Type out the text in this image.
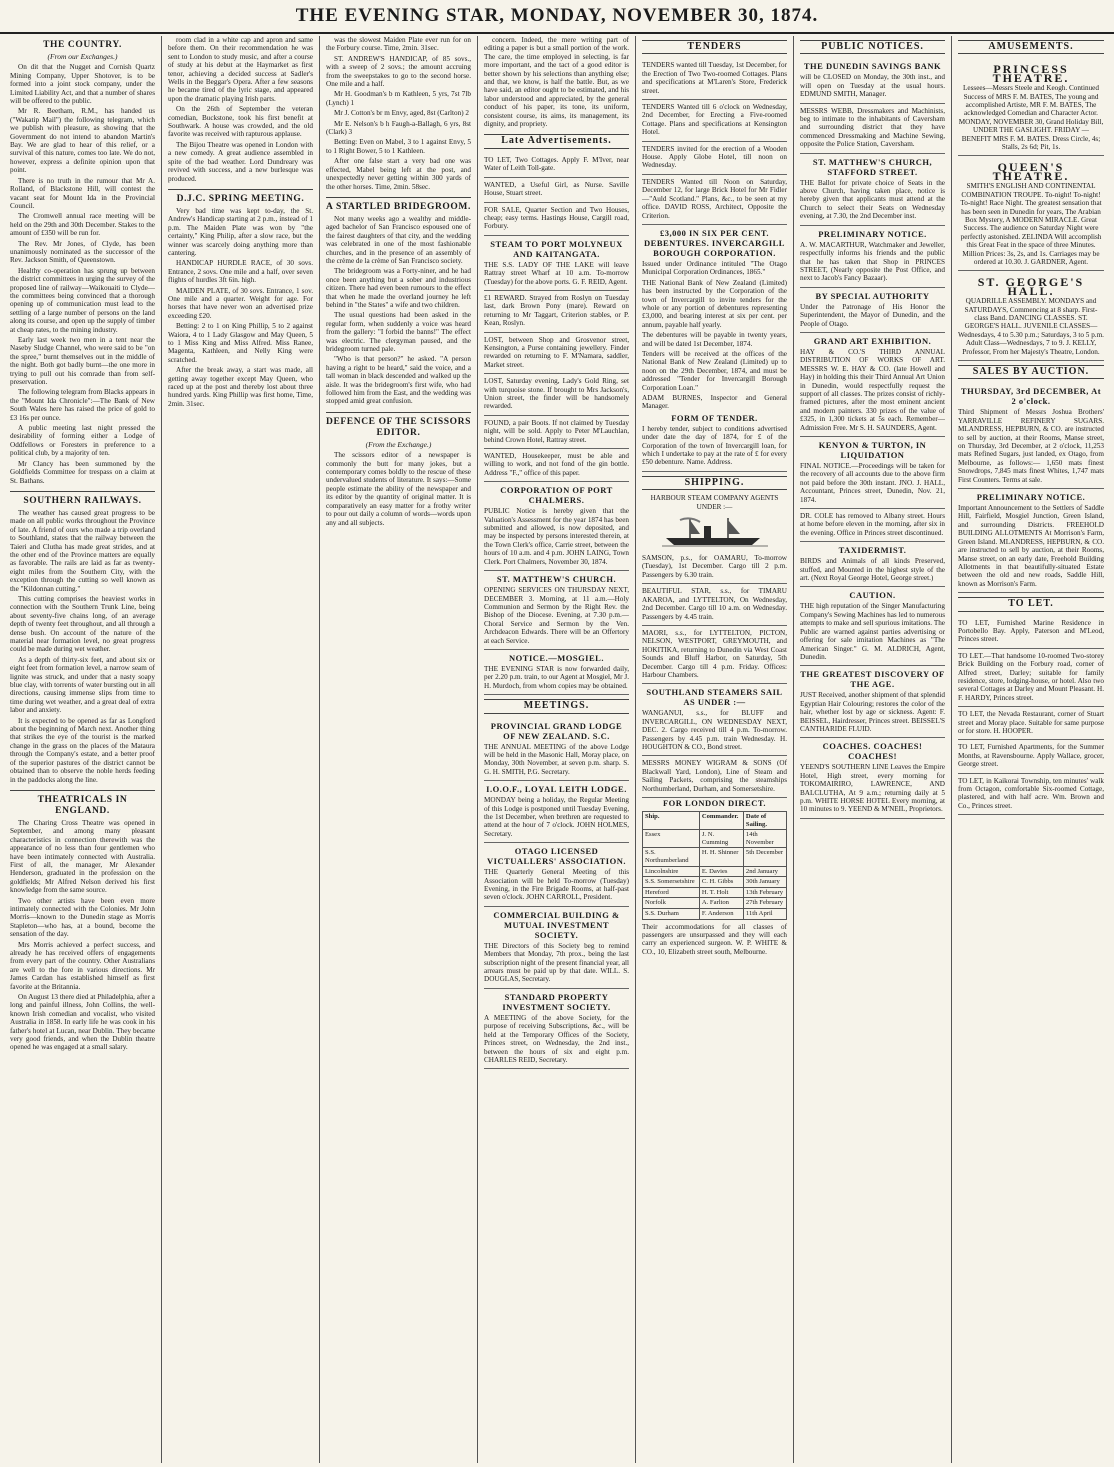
THE EVENING STAR, MONDAY, NOVEMBER 30, 1874.
THE COUNTRY.
(From our Exchanges.)

On dit that the Nugget and Cornish Quartz Mining Company, Upper Shotover, is to be formed into a joint stock company, under the Limited Liability Act, and that a number of shares will be offered to the public.

Mr R. Beetham, R.M., has handed us ("Wakatip Mail") the following telegram, which we publish with pleasure, as showing that the Government do not intend to abandon Martin's Bay. We are glad to hear of this relief, or a survival of this nature, comes too late. We do not, however, express a definite opinion upon that point.

There is no truth in the rumour that Mr A. Rolland, of Blackstone Hill, will contest the vacant seat for Mount Ida in the Provincial Council.

The Cromwell annual race meeting will be held on the 29th and 30th December. Stakes to the amount of £350 will be run for.

The Rev. Mr Jones, of Clyde, has been unanimously nominated as the successor of the Rev. Jackson Smith, of Queenstown.

Healthy co-operation has sprung up between the district committees in urging the survey of the proposed line of railway—Waikouaiti to Clyde—the committees being convinced that a thorough opening up of communication must lead to the settling of a large number of persons on the land along its course, and open up the supply of timber at cheap rates, to the mining industry.

Early last week two men in a tent near the Naseby Sludge Channel, who were said to be "on the spree," burnt themselves out in the middle of the night. Both got badly burnt—the one more in trying to pull out his comrade than from self-preservation.

The following telegram from Blacks appears in the "Mount Ida Chronicle":—The Bank of New South Wales here has raised the price of gold to £3 16s per ounce.

A public meeting last night pressed the desirability of forming either a Lodge of Oddfellows or Foresters in preference to a political club, by a majority of ten.

Mr Clancy has been summoned by the Goldfields Committee for trespass on a claim at St. Bathans.

SOUTHERN RAILWAYS.

The weather has caused great progress to be made on all public works throughout the Province of late. A friend of ours who made a trip overland to Southland, states that the railway between the Taieri and Clutha has made great strides, and at the other end of the Province matters are equally as favorable. The rails are laid as far as twenty-eight miles from the Southern City, with the exception through the cutting so well known as the "Kildonnan cutting."

This cutting comprises the heaviest works in connection with the Southern Trunk Line, being about seventy-five chains long, of an average depth of twenty feet throughout, and all through a dense bush. On account of the nature of the material near formation level, no great progress could be made during wet weather.

As a depth of thirty-six feet, and about six or eight feet from formation level, a narrow seam of lignite was struck, and under that a nasty soapy blue clay, with torrents of water bursting out in all directions, causing immense slips from time to time during wet weather, and a great deal of extra labor and anxiety.

It is expected to be opened as far as Longford about the beginning of March next. Another thing that strikes the eye of the tourist is the marked change in the grass on the places of the Mataura through the Company's estate, and a better proof of the superior pastures of the district cannot be obtained than to observe the noble herds feeding in the paddocks along the line.

THEATRICALS IN ENGLAND.

The Charing Cross Theatre was opened in September, and among many pleasant characteristics in connection therewith was the appearance of no less than four gentlemen who have been intimately connected with Australia. First of all, the manager, Mr Alexander Henderson, graduated in the profession on the goldfields; Mr Alfred Nelson derived his first knowledge from the same source.

Two other artists have been even more intimately connected with the Colonies. Mr John Morris—known to the Dunedin stage as Morris Stapleton—who has, at a bound, become the sensation of the day.

Mrs Morris achieved a perfect success, and already he has received offers of engagements from every part of the country. Other Australians are well to the fore in various directions. Mr James Cardan has established himself as first favorite at the Britannia.

On August 13 there died at Philadelphia, after a long and painful illness, John Collins, the well-known Irish comedian and vocalist, who visited Australia in 1858. In early life he was cook in his father's hotel at Lucan, near Dublin. They became very good friends, and when the Dublin theatre opened he was engaged at a small salary.

room clad in a white cap and apron and same before them. On their recommendation he was sent to London to study music, and after a course of study at his debut at the Haymarket as first tenor, achieving a decided success at Sadler's Wells in the Beggar's Opera. After a few seasons he became tired of the lyric stage, and appeared upon the dramatic playing Irish parts.

On the 26th of September the veteran comedian, Buckstone, took his first benefit at Southwark. A house was crowded, and the old favorite was received with rapturous applause.

The Bijou Theatre was opened in London with a new comedy. A great audience assembled in spite of the bad weather. Lord Dundreary was revived with success, and a new burlesque was produced.

D.J.C. SPRING MEETING.

Very bad time was kept to-day, the St. Andrew's Handicap starting at 2 p.m., instead of 1 p.m. The Maiden Plate was won by "the certainty," King Philip, after a slow race, but the winner was scarcely doing anything more than cantering.

HANDICAP HURDLE RACE, of 30 sovs. Entrance, 2 sovs. One mile and a half, over seven flights of hurdles 3ft 6in. high.

MAIDEN PLATE, of 30 sovs. Entrance, 1 sov. One mile and a quarter. Weight for age. For horses that have never won an advertised prize exceeding £20.

Betting: 2 to 1 on King Phillip, 5 to 2 against Waiora, 4 to 1 Lady Glasgow and May Queen, 5 to 1 Miss King and Miss Alfred. Miss Ranee, Magenta, Kathleen, and Nelly King were scratched.

After the break away, a start was made, all getting away together except May Queen, who raced up at the post and thereby lost about three hundred yards. King Phillip was first home, Time, 2min. 31sec.

was the slowest Maiden Plate ever run for on the Forbury course. Time, 2min. 31sec.

ST. ANDREW'S HANDICAP, of 85 sovs., with a sweep of 2 sovs.; the amount accruing from the sweepstakes to go to the second horse. One mile and a half.

Mr H. Goodman's b m Kathleen, 5 yrs, 7st 7lb (Lynch) 1

Mr J. Cotton's br m Envy, aged, 8st (Carlton) 2

Mr E. Nelson's b h Faugh-a-Ballagh, 6 yrs, 8st (Clark) 3

Betting: Even on Mabel, 3 to 1 against Envy, 5 to 1 Right Bower, 5 to 1 Kathleen.

After one false start a very bad one was effected, Mabel being left at the post, and unexpectedly never getting within 300 yards of the other horses. Time, 2min. 58sec.

A STARTLED BRIDEGROOM.

Not many weeks ago a wealthy and middle-aged bachelor of San Francisco espoused one of the fairest daughters of that city, and the wedding was celebrated in one of the most fashionable churches, and in the presence of an assembly of the crème de la crème of San Francisco society.

The bridegroom was a Forty-niner, and he had once been anything but a sober and industrious citizen. There had even been rumours to the effect that when he made the overland journey he left behind in "the States" a wife and two children.

The usual questions had been asked in the regular form, when suddenly a voice was heard from the gallery: "I forbid the banns!" The effect was electric. The clergyman paused, and the bridegroom turned pale.

"Who is that person?" he asked. "A person having a right to be heard," said the voice, and a tall woman in black descended and walked up the aisle. It was the bridegroom's first wife, who had followed him from the East, and the wedding was stopped amid great confusion.

DEFENCE OF THE SCISSORS EDITOR.
(From the Exchange.)

The scissors editor of a newspaper is commonly the butt for many jokes, but a contemporary comes boldly to the rescue of these undervalued students of literature. It says:—Some people estimate the ability of the newspaper and its editor by the quantity of original matter. It is comparatively an easy matter for a frothy writer to pour out daily a column of words—words upon any and all subjects.

concern. Indeed, the mere writing part of editing a paper is but a small portion of the work. The care, the time employed in selecting, is far more important, and the tact of a good editor is better shown by his selections than anything else; and that, we know, is half the battle. But, as we have said, an editor ought to be estimated, and his labor understood and appreciated, by the general conduct of his paper, its tone, its uniform, consistent course, its aims, its management, its dignity, and propriety.

Late Advertisements.
TO LET, Two Cottages. Apply F. M'Iver, near Water of Leith Toll-gate.
WANTED, a Useful Girl, as Nurse. Saville House, Stuart street.
FOR SALE, Quarter Section and Two Houses, cheap; easy terms. Hastings House, Cargill road, Forbury.
STEAM TO PORT MOLYNEUX AND KAITANGATA.
THE S.S. LADY OF THE LAKE will leave Rattray street Wharf at 10 a.m. To-morrow (Tuesday) for the above ports. G. F. REID, Agent.
£1 REWARD. Strayed from Roslyn on Tuesday last, dark Brown Pony (mare). Reward on returning to Mr Taggart, Criterion stables, or P. Kean, Roslyn.
LOST, between Shop and Grosvenor street, Kensington, a Purse containing jewellery. Finder rewarded on returning to F. M'Namara, saddler, Market street.
LOST, Saturday evening, Lady's Gold Ring, set with turquoise stone. If brought to Mrs Jackson's, Union street, the finder will be handsomely rewarded.
FOUND, a pair Boots. If not claimed by Tuesday night, will be sold. Apply to Peter M'Lauchlan, behind Crown Hotel, Rattray street.
WANTED, Housekeeper, must be able and willing to work, and not fond of the gin bottle. Address "F.," office of this paper.
CORPORATION OF PORT CHALMERS.
PUBLIC Notice is hereby given that the Valuation's Assessment for the year 1874 has been submitted and allowed, is now deposited, and may be inspected by persons interested therein, at the Town Clerk's office, Carrie street, between the hours of 10 a.m. and 4 p.m. JOHN LAING, Town Clerk. Port Chalmers, November 30, 1874.
ST. MATTHEW'S CHURCH.
OPENING SERVICES ON THURSDAY NEXT, DECEMBER 3. Morning, at 11 a.m.—Holy Communion and Sermon by the Right Rev. the Bishop of the Diocese. Evening, at 7.30 p.m.—Choral Service and Sermon by the Ven. Archdeacon Edwards. There will be an Offertory at each Service.
NOTICE.—MOSGIEL.
THE EVENING STAR is now forwarded daily, per 2.20 p.m. train, to our Agent at Mosgiel, Mr J. H. Murdoch, from whom copies may be obtained.
MEETINGS.
PROVINCIAL GRAND LODGE OF NEW ZEALAND. S.C.
THE ANNUAL MEETING of the above Lodge will be held in the Masonic Hall, Moray place, on Monday, 30th November, at seven p.m. sharp. S. G. H. SMITH, P.G. Secretary.
I.O.O.F., LOYAL LEITH LODGE.
MONDAY being a holiday, the Regular Meeting of this Lodge is postponed until Tuesday Evening, the 1st December, when brethren are requested to attend at the hour of 7 o'clock. JOHN HOLMES, Secretary.
OTAGO LICENSED VICTUALLERS' ASSOCIATION.
THE Quarterly General Meeting of this Association will be held To-morrow (Tuesday) Evening, in the Fire Brigade Rooms, at half-past seven o'clock. JOHN CARROLL, President.
COMMERCIAL BUILDING & MUTUAL INVESTMENT SOCIETY.
THE Directors of this Society beg to remind Members that Monday, 7th prox., being the last subscription night of the present financial year, all arrears must be paid up by that date. WILL. S. DOUGLAS, Secretary.
STANDARD PROPERTY INVESTMENT SOCIETY.
A MEETING of the above Society, for the purpose of receiving Subscriptions, &c., will be held at the Temporary Offices of the Society, Princes street, on Wednesday, the 2nd inst., between the hours of six and eight p.m. CHARLES REID, Secretary.
TENDERS
TENDERS wanted till Tuesday, 1st December, for the Erection of Two Two-roomed Cottages. Plans and specifications at M'Laren's Store, Frederick street.
TENDERS Wanted till 6 o'clock on Wednesday, 2nd December, for Erecting a Five-roomed Cottage. Plans and specifications at Kensington Hotel.
TENDERS invited for the erection of a Wooden House. Apply Globe Hotel, till noon on Wednesday.
TENDERS Wanted till Noon on Saturday, December 12, for large Brick Hotel for Mr Fidler—"Auld Scotland." Plans, &c., to be seen at my office. DAVID ROSS, Architect, Opposite the Criterion.
£3,000 IN SIX PER CENT. DEBENTURES. INVERCARGILL BOROUGH CORPORATION.

Issued under Ordinance intituled "The Otago Municipal Corporation Ordinances, 1865."

THE National Bank of New Zealand (Limited) has been instructed by the Corporation of the town of Invercargill to invite tenders for the whole or any portion of debentures representing £3,000, and bearing interest at six per cent. per annum, payable half yearly.

The debentures will be payable in twenty years, and will be dated 1st December, 1874.

Tenders will be received at the offices of the National Bank of New Zealand (Limited) up to noon on the 29th December, 1874, and must be addressed "Tender for Invercargill Borough Corporation Loan."

ADAM BURNES, Inspector and General Manager.

FORM OF TENDER.
I hereby tender, subject to conditions advertised under date the day of 1874, for £ of the Corporation of the town of Invercargill loan, for which I undertake to pay at the rate of £ for every £50 debenture. Name. Address.
SHIPPING.
HARBOUR STEAM COMPANY AGENTS UNDER :—
SAMSON, p.s., for OAMARU, To-morrow (Tuesday), 1st December. Cargo till 2 p.m. Passengers by 6.30 train.
BEAUTIFUL STAR, s.s., for TIMARU AKAROA, and LYTTELTON, On Wednesday, 2nd December. Cargo till 10 a.m. on Wednesday. Passengers by 4.45 train.
MAORI, s.s., for LYTTELTON, PICTON, NELSON, WESTPORT, GREYMOUTH, and HOKITIKA, returning to Dunedin via West Coast Sounds and Bluff Harbor, on Saturday, 5th December. Cargo till 4 p.m. Friday. Offices: Harbour Chambers.
SOUTHLAND STEAMERS SAIL AS UNDER :—
WANGANUI, s.s., for BLUFF and INVERCARGILL, ON WEDNESDAY NEXT, DEC. 2. Cargo received till 4 p.m. To-morrow. Passengers by 4.45 p.m. train Wednesday. H. HOUGHTON & CO., Bond street.
MESSRS MONEY WIGRAM & SONS (Of Blackwall Yard, London), Line of Steam and Sailing Packets, comprising the steamships Northumberland, Durham, and Somersetshire.
FOR LONDON DIRECT.
Ship.	Commander.	Date of Sailing.
Essex	J. N. Cumming	14th November
S.S. Northumberland	H. H. Shinner	5th December
Lincolnshire	E. Davies	2nd January
S.S. Somersetshire	C. H. Gibbs	30th January
Hereford	H. T. Holt	13th February
Norfolk	A. Farlton	27th February
S.S. Durham	F. Anderson	11th April
Their accommodations for all classes of passengers are unsurpassed and they will each carry an experienced surgeon. W. P. WHITE & CO., 10, Elizabeth street south, Melbourne.
PUBLIC NOTICES.
THE DUNEDIN SAVINGS BANK
will be CLOSED on Monday, the 30th inst., and will open on Tuesday at the usual hours. EDMUND SMITH, Manager.
MESSRS WEBB, Dressmakers and Machinists, beg to intimate to the inhabitants of Caversham and surrounding district that they have commenced Dressmaking and Machine Sewing, opposite the Police Station, Caversham.
ST. MATTHEW'S CHURCH, STAFFORD STREET.
THE Ballot for private choice of Seats in the above Church, having taken place, notice is hereby given that applicants must attend at the Church to select their Seats on Wednesday evening, at 7.30, the 2nd December inst.
PRELIMINARY NOTICE.
A. W. MACARTHUR, Watchmaker and Jeweller, respectfully informs his friends and the public that he has taken that Shop in PRINCES STREET, (Nearly opposite the Post Office, and next to Jacob's Fancy Bazaar).
BY SPECIAL AUTHORITY
Under the Patronage of His Honor the Superintendent, the Mayor of Dunedin, and the People of Otago.
GRAND ART EXHIBITION.
HAY & CO.'S THIRD ANNUAL DISTRIBUTION OF WORKS OF ART. MESSRS W. E. HAY & CO. (late Howell and Hay) in holding this their Third Annual Art Union in Dunedin, would respectfully request the support of all classes. The prizes consist of richly-framed pictures, after the most eminent ancient and modern painters. 330 prizes of the value of £325, in 1,300 tickets at 5s each. Remember—Admission Free. Mr S. H. SAUNDERS, Agent.
KENYON & TURTON, IN LIQUIDATION
FINAL NOTICE.—Proceedings will be taken for the recovery of all accounts due to the above firm not paid before the 30th instant. JNO. J. HALL, Accountant, Princes street, Dunedin, Nov. 21, 1874.
DR. COLE has removed to Albany street. Hours at home before eleven in the morning, after six in the evening. Office in Princes street discontinued.
TAXIDERMIST.
BIRDS and Animals of all kinds Preserved, stuffed, and Mounted in the highest style of the art. (Next Royal George Hotel, George street.)
CAUTION.
THE high reputation of the Singer Manufacturing Company's Sewing Machines has led to numerous attempts to make and sell spurious imitations. The Public are warned against parties advertising or offering for sale imitation Machines as "The American Singer." G. M. ALDRICH, Agent, Dunedin.
THE GREATEST DISCOVERY OF THE AGE.
JUST Received, another shipment of that splendid Egyptian Hair Colouring; restores the color of the hair, whether lost by age or sickness. Agent: F. BEISSEL, Hairdresser, Princes street. BEISSEL'S CANTHARIDE FLUID.
COACHES. COACHES! COACHES!
YEEND'S SOUTHERN LINE Leaves the Empire Hotel, High street, every morning for TOKOMAIRIRO, LAWRENCE, AND BALCLUTHA, At 9 a.m.; returning daily at 5 p.m. WHITE HORSE HOTEL Every morning, at 10 minutes to 9. YEEND & M'NEIL, Proprietors.
AMUSEMENTS.
PRINCESS THEATRE.
Lessees—Messrs Steele and Keogh. Continued Success of MRS F. M. BATES, The young and accomplished Artiste, MR F. M. BATES, The acknowledged Comedian and Character Actor. MONDAY, NOVEMBER 30, Grand Holiday Bill, UNDER THE GASLIGHT. FRIDAY — BENEFIT MRS F. M. BATES. Dress Circle, 4s; Stalls, 2s 6d; Pit, 1s.
QUEEN'S THEATRE.
SMITH'S ENGLISH AND CONTINENTAL COMBINATION TROUPE. To-night! To-night! To-night! Race Night. The greatest sensation that has been seen in Dunedin for years, The Arabian Box Mystery, A MODERN MIRACLE. Great Success. The audience on Saturday Night were perfectly astonished. ZELINDA Will accomplish this Great Feat in the space of three Minutes. Million Prices: 3s, 2s, and 1s. Carriages may be ordered at 10.30. J. GARDNER, Agent.
ST. GEORGE'S HALL.
QUADRILLE ASSEMBLY. MONDAYS and SATURDAYS, Commencing at 8 sharp. First-class Band. DANCING CLASSES. ST. GEORGE'S HALL. JUVENILE CLASSES—Wednesdays, 4 to 5.30 p.m.; Saturdays, 3 to 5 p.m. Adult Class—Wednesdays, 7 to 9. J. KELLY, Professor, From her Majesty's Theatre, London.
SALES BY AUCTION.
THURSDAY, 3rd DECEMBER, At 2 o'clock.
Third Shipment of Messrs Joshua Brothers' YARRAVILLE REFINERY SUGARS. MLANDRESS, HEPBURN, & CO. are instructed to sell by auction, at their Rooms, Manse street, on Thursday, 3rd December, at 2 o'clock, 11,253 mats Refined Sugars, just landed, ex Otago, from Melbourne, as follows:— 1,650 mats finest Snowdrops, 7,845 mats finest Whites, 1,747 mats First Counters. Terms at sale.
PRELIMINARY NOTICE.
Important Announcement to the Settlers of Saddle Hill, Fairfield, Mosgiel Junction, Green Island, and surrounding Districts. FREEHOLD BUILDING ALLOTMENTS At Morrison's Farm, Green Island. MLANDRESS, HEPBURN, & CO. are instructed to sell by auction, at their Rooms, Manse street, on an early date, Freehold Building Allotments in that beautifully-situated Estate between the old and new roads, Saddle Hill, known as Morrison's Farm.
TO LET.
TO LET, Furnished Marine Residence in Portobello Bay. Apply, Paterson and M'Leod, Princes street.
TO LET.—That handsome 10-roomed Two-storey Brick Building on the Forbury road, corner of Alfred street, Darley; suitable for family residence, store, lodging-house, or hotel. Also two several Cottages at Darley and Mount Pleasant. H. F. HARDY, Princes street.
TO LET, the Nevada Restaurant, corner of Stuart street and Moray place. Suitable for same purpose or for store. H. HOOPER.
TO LET, Furnished Apartments, for the Summer Months, at Ravensbourne. Apply Wallace, grocer, George street.
TO LET, in Kaikorai Township, ten minutes' walk from Octagon, comfortable Six-roomed Cottage, plastered, and with half acre. Wm. Brown and Co., Princes street.
